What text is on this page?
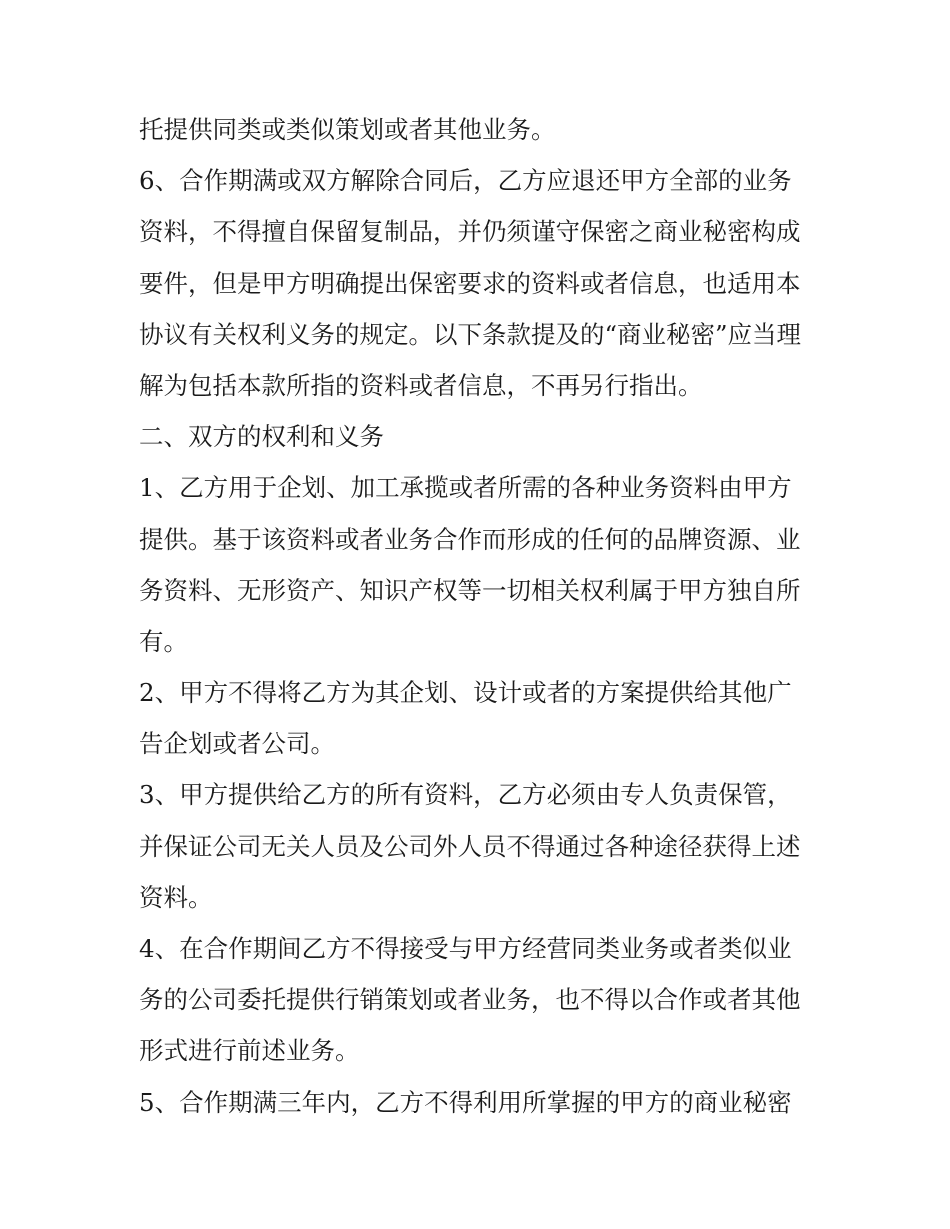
托提供同类或类似策划或者其他业务。
6、合作期满或双方解除合同后，乙方应退还甲方全部的业务
资料，不得擅自保留复制品，并仍须谨守保密之商业秘密构成
要件，但是甲方明确提出保密要求的资料或者信息，也适用本
协议有关权利义务的规定。以下条款提及的“商业秘密”应当理
解为包括本款所指的资料或者信息，不再另行指出。
二、双方的权利和义务
1、乙方用于企划、加工承揽或者所需的各种业务资料由甲方
提供。基于该资料或者业务合作而形成的任何的品牌资源、业
务资料、无形资产、知识产权等一切相关权利属于甲方独自所
有。
2、甲方不得将乙方为其企划、设计或者的方案提供给其他广
告企划或者公司。
3、甲方提供给乙方的所有资料，乙方必须由专人负责保管，
并保证公司无关人员及公司外人员不得通过各种途径获得上述
资料。
4、在合作期间乙方不得接受与甲方经营同类业务或者类似业
务的公司委托提供行销策划或者业务，也不得以合作或者其他
形式进行前述业务。
5、合作期满三年内，乙方不得利用所掌握的甲方的商业秘密
